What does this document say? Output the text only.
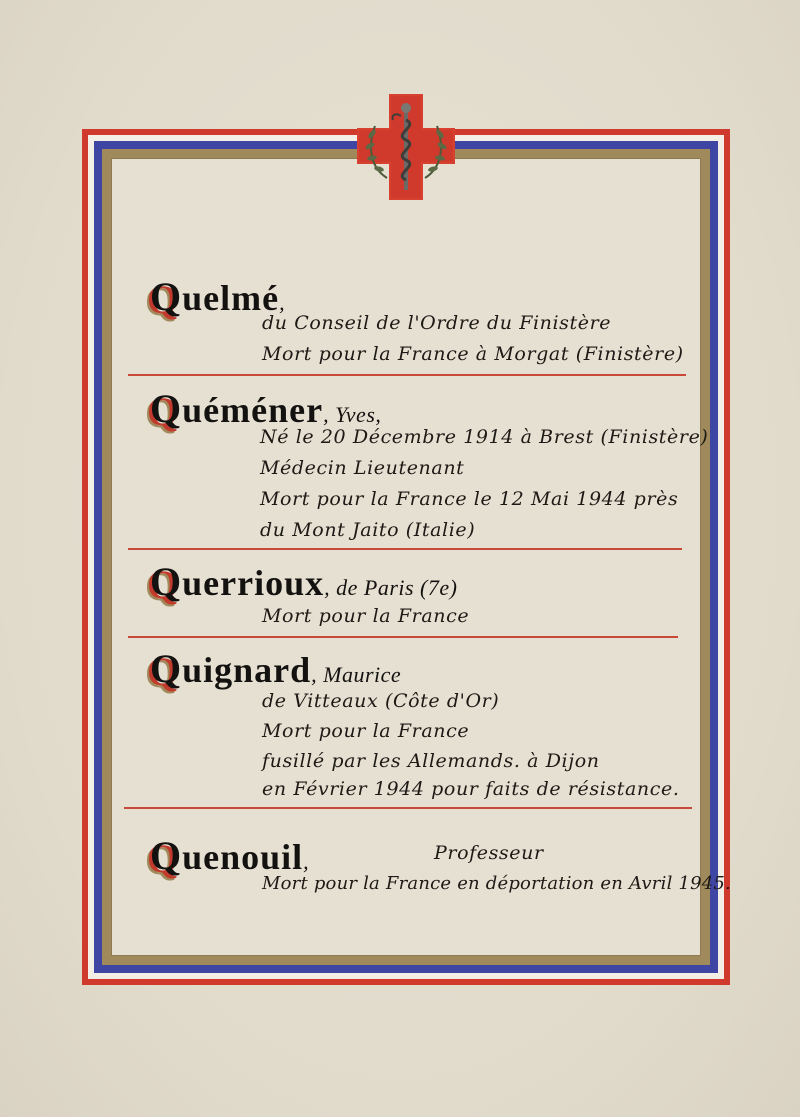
Quelmé,
du Conseil de l'Ordre du Finistère
Mort pour la France à Morgat (Finistère)
Quéméner, Yves,
Né le 20 Décembre 1914 à Brest (Finistère)
Médecin Lieutenant
Mort pour la France le 12 Mai 1944 près
du Mont Jaito (Italie)
Querrioux, de Paris (7e)
Mort pour la France
Quignard, Maurice
de Vitteaux (Côte d'Or)
Mort pour la France
fusillé par les Allemands. à Dijon
en Février 1944 pour faits de résistance.
Quenouil,	Professeur
Mort pour la France en déportation en Avril 1945.
